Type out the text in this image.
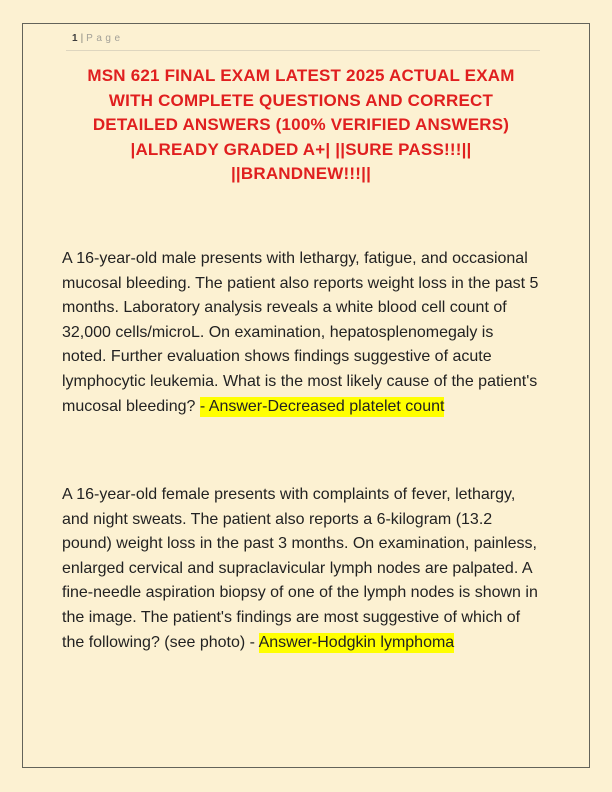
1 | Page
MSN 621 FINAL EXAM LATEST 2025 ACTUAL EXAM
WITH COMPLETE QUESTIONS AND CORRECT
DETAILED ANSWERS (100% VERIFIED ANSWERS)
|ALREADY GRADED A+| ||SURE PASS!!!||
||BRANDNEW!!!||

A 16-year-old male presents with lethargy, fatigue, and occasional mucosal bleeding. The patient also reports weight loss in the past 5 months. Laboratory analysis reveals a white blood cell count of 32,000 cells/microL. On examination, hepatosplenomegaly is noted. Further evaluation shows findings suggestive of acute lymphocytic leukemia. What is the most likely cause of the patient's mucosal bleeding? - Answer-Decreased platelet count

A 16-year-old female presents with complaints of fever, lethargy, and night sweats. The patient also reports a 6-kilogram (13.2 pound) weight loss in the past 3 months. On examination, painless, enlarged cervical and supraclavicular lymph nodes are palpated. A fine-needle aspiration biopsy of one of the lymph nodes is shown in the image. The patient's findings are most suggestive of which of the following? (see photo) - Answer-Hodgkin lymphoma
